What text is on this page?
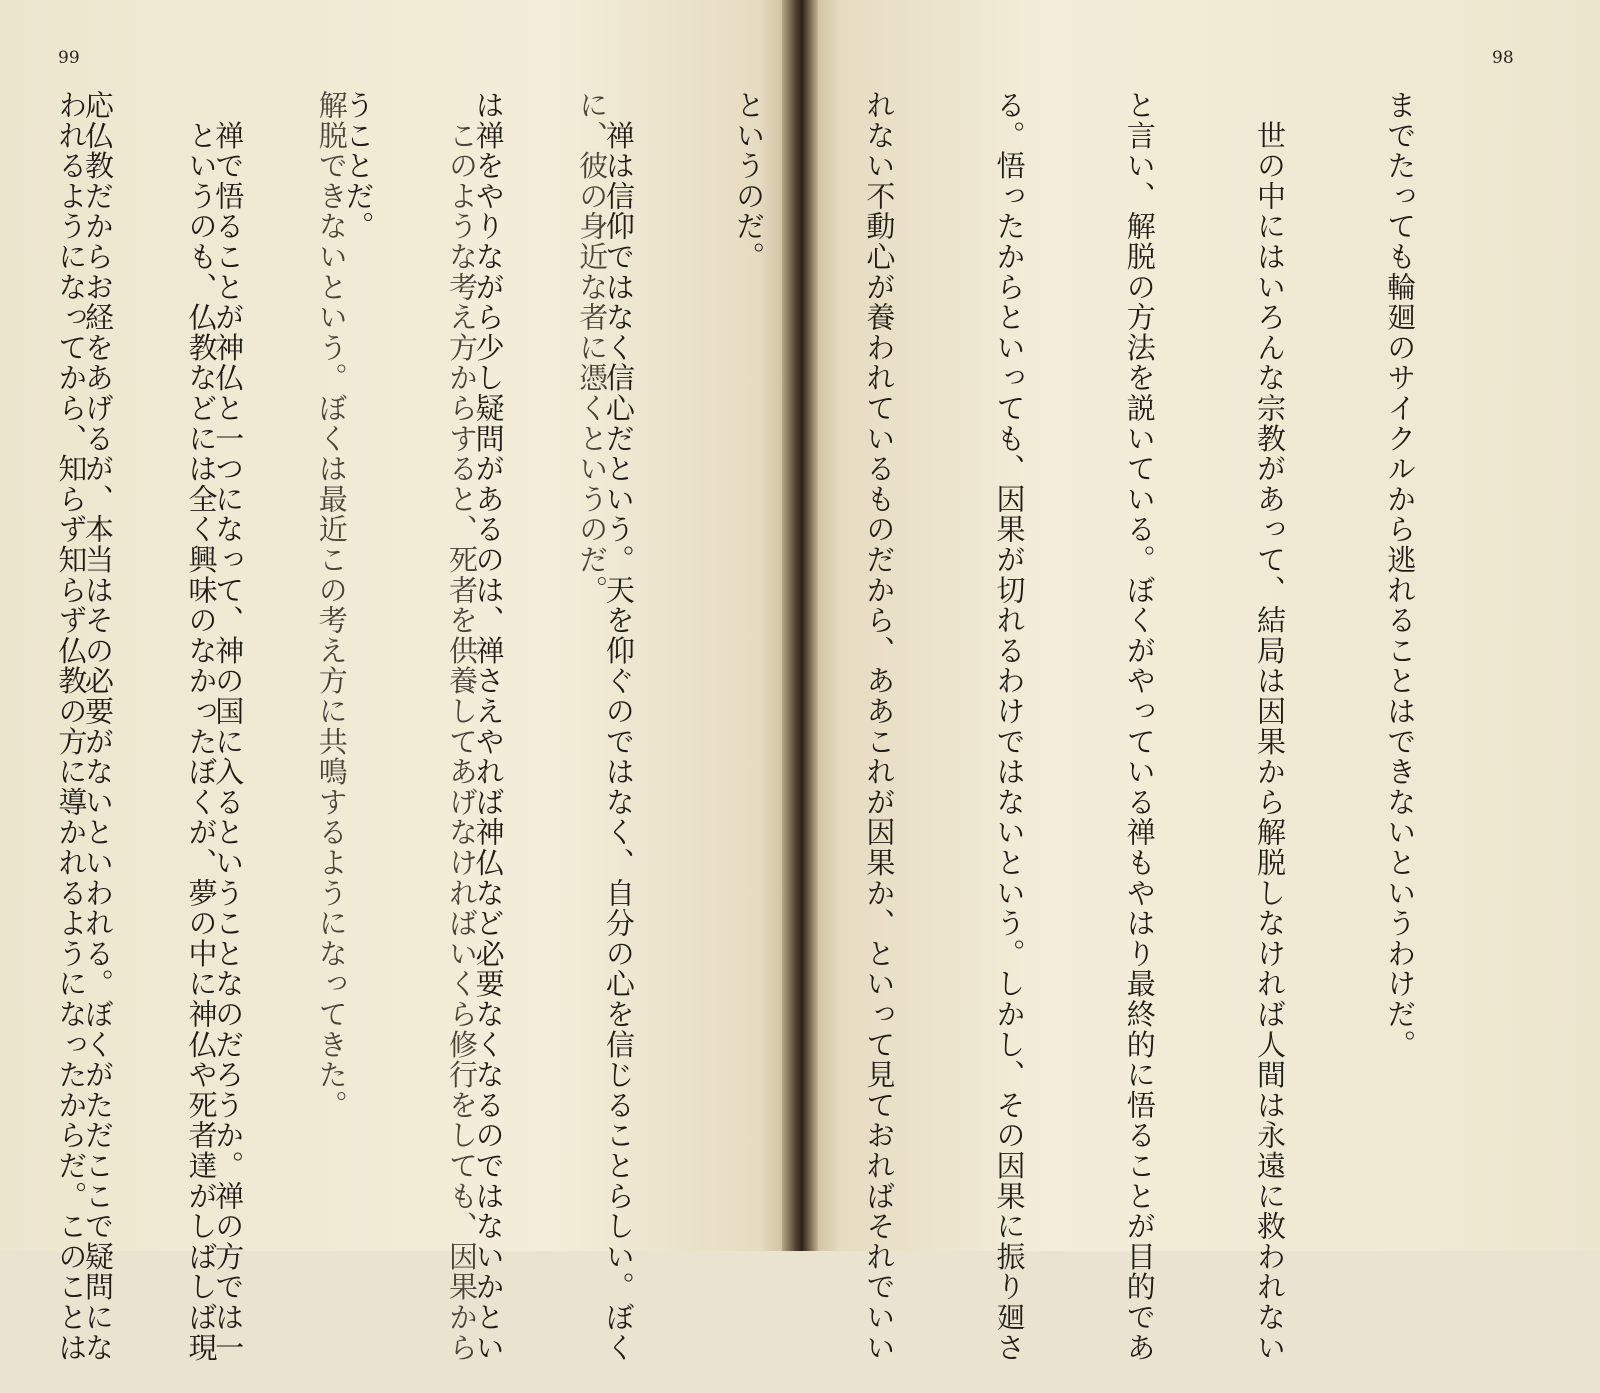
99	98

までたっても輪廻のサイクルから逃れることはできないというわけだ。

　世の中にはいろんな宗教があって、結局は因果から解脱しなければ人間は永遠に救われない

と言い、解脱の方法を説いている。ぼくがやっている禅もやはり最終的に悟ることが目的であ

る。悟ったからといっても、因果が切れるわけではないという。しかし、その因果に振り廻さ

れない不動心が養われているものだから、ああこれが因果か、といって見ておればそれでいい

というのだ。

　禅は信仰ではなく信心だという。天を仰ぐのではなく、自分の心を信じることらしい。ぼく

は禅をやりながら少し疑問があるのは、禅さえやれば神仏など必要なくなるのではないかとい

うことだ。

　禅で悟ることが神仏と一つになって、神の国に入るということなのだろうか。禅の方では一

応仏教だからお経をあげるが、本当はその必要がないといわれる。ぼくがただここで疑問にな

	に、彼の身近な者に憑くというのだ。

　このような考え方からすると、死者を供養してあげなければいくら修行をしても、因果から

解脱できないという。ぼくは最近この考え方に共鳴するようになってきた。

　というのも、仏教などには全く興味のなかったぼくが、夢の中に神仏や死者達がしばしば現

われるようになってから、知らず知らず仏教の方に導かれるようになったからだ。このことは
